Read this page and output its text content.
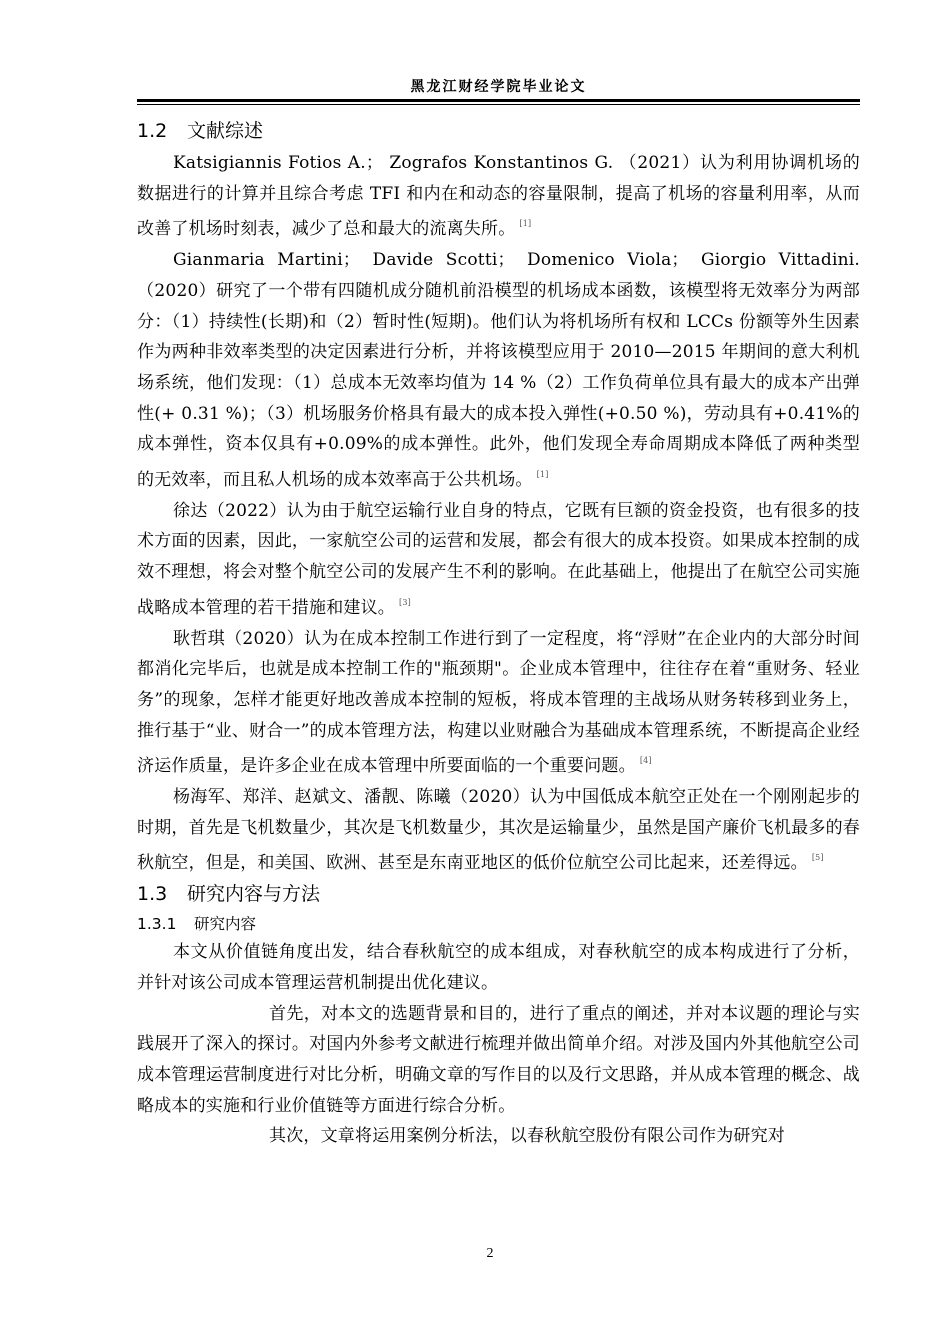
黑龙江财经学院毕业论文
1.2 文献综述

Katsigiannis Fotios A.； Zografos Konstantinos G. （2021）认为利用协调机场的数据进行的计算并且综合考虑 TFI 和内在和动态的容量限制，提高了机场的容量利用率，从而改善了机场时刻表，减少了总和最大的流离失所。 [1]

Gianmaria Martini； Davide Scotti； Domenico Viola； Giorgio Vittadini. （2020）研究了一个带有四随机成分随机前沿模型的机场成本函数，该模型将无效率分为两部分：（1）持续性(长期)和（2）暂时性(短期)。他们认为将机场所有权和 LCCs 份额等外生因素作为两种非效率类型的决定因素进行分析，并将该模型应用于 2010—2015 年期间的意大利机场系统，他们发现：（1）总成本无效率均值为 14 %（2）工作负荷单位具有最大的成本产出弹性(+ 0.31 %)；（3）机场服务价格具有最大的成本投入弹性(+0.50 %)，劳动具有+0.41%的成本弹性，资本仅具有+0.09%的成本弹性。此外，他们发现全寿命周期成本降低了两种类型的无效率，而且私人机场的成本效率高于公共机场。 [1]

徐达（2022）认为由于航空运输行业自身的特点，它既有巨额的资金投资，也有很多的技术方面的因素，因此，一家航空公司的运营和发展，都会有很大的成本投资。如果成本控制的成效不理想，将会对整个航空公司的发展产生不利的影响。在此基础上，他提出了在航空公司实施战略成本管理的若干措施和建议。 [3]

耿哲琪（2020）认为在成本控制工作进行到了一定程度，将“浮财”在企业内的大部分时间都消化完毕后，也就是成本控制工作的"瓶颈期"。企业成本管理中，往往存在着“重财务、轻业务”的现象，怎样才能更好地改善成本控制的短板，将成本管理的主战场从财务转移到业务上，推行基于“业、财合一”的成本管理方法，构建以业财融合为基础成本管理系统，不断提高企业经济运作质量，是许多企业在成本管理中所要面临的一个重要问题。 [4]

杨海军、郑洋、赵斌文、潘靓、陈曦（2020）认为中国低成本航空正处在一个刚刚起步的时期，首先是飞机数量少，其次是飞机数量少，其次是运输量少，虽然是国产廉价飞机最多的春秋航空，但是，和美国、欧洲、甚至是东南亚地区的低价位航空公司比起来，还差得远。 [5]

1.3 研究内容与方法
1.3.1 研究内容

本文从价值链角度出发，结合春秋航空的成本组成，对春秋航空的成本构成进行了分析，并针对该公司成本管理运营机制提出优化建议。

首先，对本文的选题背景和目的，进行了重点的阐述，并对本议题的理论与实践展开了深入的探讨。对国内外参考文献进行梳理并做出简单介绍。对涉及国内外其他航空公司成本管理运营制度进行对比分析，明确文章的写作目的以及行文思路，并从成本管理的概念、战略成本的实施和行业价值链等方面进行综合分析。

其次，文章将运用案例分析法，以春秋航空股份有限公司作为研究对

2
